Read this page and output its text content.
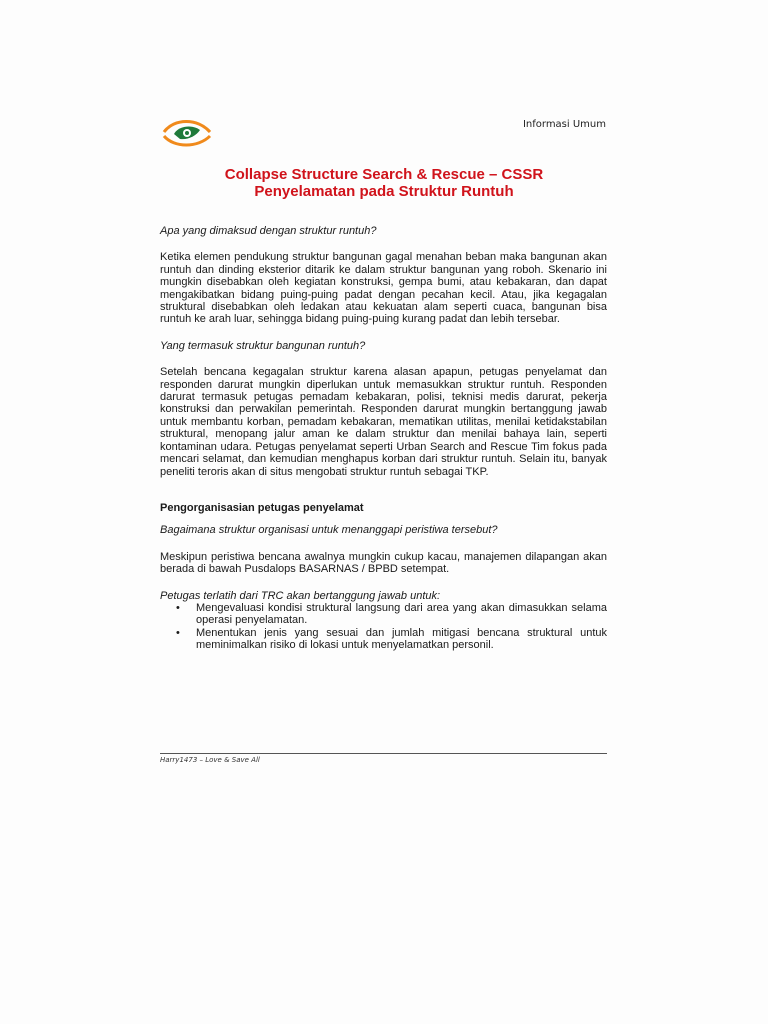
Informasi Umum
Collapse Structure Search & Rescue – CSSR
Penyelamatan pada Struktur Runtuh

Apa yang dimaksud dengan struktur runtuh?

Ketika elemen pendukung struktur bangunan gagal menahan beban maka bangunan akan runtuh dan dinding eksterior ditarik ke dalam struktur bangunan yang roboh. Skenario ini mungkin disebabkan oleh kegiatan konstruksi, gempa bumi, atau kebakaran, dan dapat mengakibatkan bidang puing-puing padat dengan pecahan kecil. Atau, jika kegagalan struktural disebabkan oleh ledakan atau kekuatan alam seperti cuaca, bangunan bisa runtuh ke arah luar, sehingga bidang puing-puing kurang padat dan lebih tersebar.

Yang termasuk struktur bangunan runtuh?

Setelah bencana kegagalan struktur karena alasan apapun, petugas penyelamat dan responden darurat mungkin diperlukan untuk memasukkan struktur runtuh. Responden darurat termasuk petugas pemadam kebakaran, polisi, teknisi medis darurat, pekerja konstruksi dan perwakilan pemerintah. Responden darurat mungkin bertanggung jawab untuk membantu korban, pemadam kebakaran, mematikan utilitas, menilai ketidakstabilan struktural, menopang jalur aman ke dalam struktur dan menilai bahaya lain, seperti kontaminan udara. Petugas penyelamat seperti Urban Search and Rescue Tim fokus pada mencari selamat, dan kemudian menghapus korban dari struktur runtuh. Selain itu, banyak peneliti teroris akan di situs mengobati struktur runtuh sebagai TKP.

Pengorganisasian petugas penyelamat

Bagaimana struktur organisasi untuk menanggapi peristiwa tersebut?

Meskipun peristiwa bencana awalnya mungkin cukup kacau, manajemen dilapangan akan berada di bawah Pusdalops BASARNAS / BPBD setempat.

Petugas terlatih dari TRC akan bertanggung jawab untuk:

• Mengevaluasi kondisi struktural langsung dari area yang akan dimasukkan selama operasi penyelamatan.
• Menentukan jenis yang sesuai dan jumlah mitigasi bencana struktural untuk meminimalkan risiko di lokasi untuk menyelamatkan personil.
Harry1473 – Love & Save All
